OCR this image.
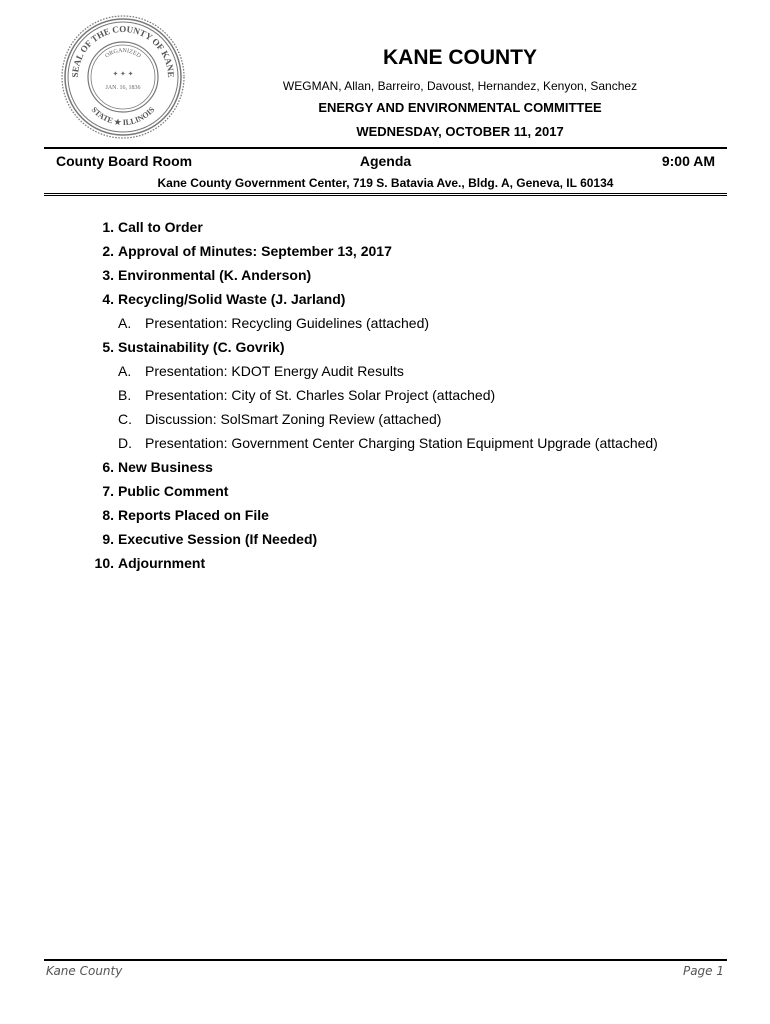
SEAL OF THE COUNTY OF KANE
STATE ★ ILLINOIS
ORGANIZED
✦ ✦ ✦
JAN. 16, 1836
KANE COUNTY
WEGMAN, Allan, Barreiro, Davoust, Hernandez, Kenyon, Sanchez
ENERGY AND ENVIRONMENTAL COMMITTEE
WEDNESDAY, OCTOBER 11, 2017
Agenda
County Board Room	9:00 AM
Kane County Government Center, 719 S. Batavia Ave., Bldg. A, Geneva, IL 60134
1. Call to Order
2. Approval of Minutes: September 13, 2017
3. Environmental (K. Anderson)
4. Recycling/Solid Waste (J. Jarland)
A. Presentation: Recycling Guidelines (attached)
5. Sustainability (C. Govrik)
A. Presentation: KDOT Energy Audit Results
B. Presentation: City of St. Charles Solar Project (attached)
C. Discussion: SolSmart Zoning Review (attached)
D. Presentation: Government Center Charging Station Equipment Upgrade (attached)
6. New Business
7. Public Comment
8. Reports Placed on File
9. Executive Session (If Needed)
10. Adjournment
Kane County	Page 1
